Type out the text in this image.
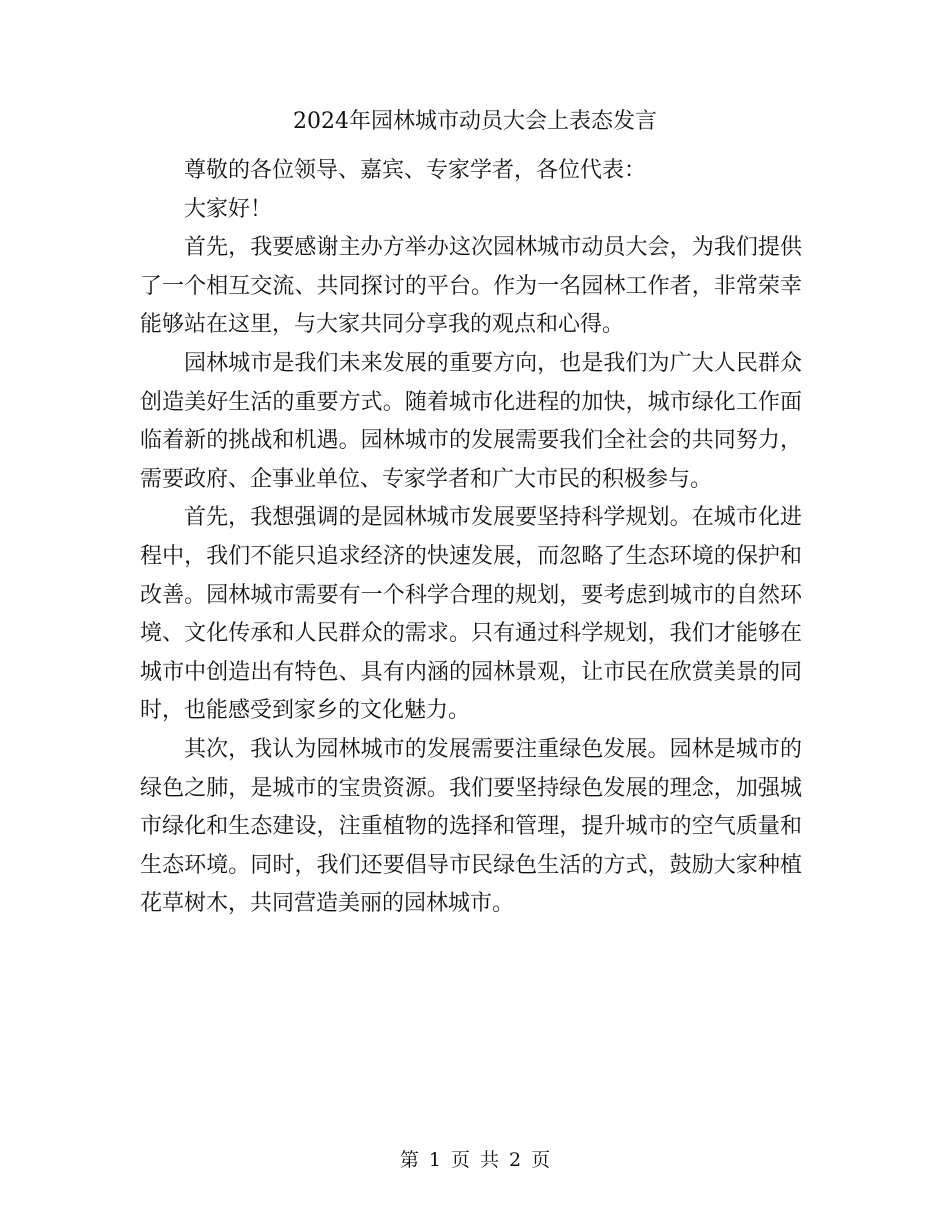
2024年园林城市动员大会上表态发言

尊敬的各位领导、嘉宾、专家学者，各位代表：

大家好！

首先，我要感谢主办方举办这次园林城市动员大会，为我们提供了一个相互交流、共同探讨的平台。作为一名园林工作者，非常荣幸能够站在这里，与大家共同分享我的观点和心得。

园林城市是我们未来发展的重要方向，也是我们为广大人民群众创造美好生活的重要方式。随着城市化进程的加快，城市绿化工作面临着新的挑战和机遇。园林城市的发展需要我们全社会的共同努力，需要政府、企事业单位、专家学者和广大市民的积极参与。

首先，我想强调的是园林城市发展要坚持科学规划。在城市化进程中，我们不能只追求经济的快速发展，而忽略了生态环境的保护和改善。园林城市需要有一个科学合理的规划，要考虑到城市的自然环境、文化传承和人民群众的需求。只有通过科学规划，我们才能够在城市中创造出有特色、具有内涵的园林景观，让市民在欣赏美景的同时，也能感受到家乡的文化魅力。

其次，我认为园林城市的发展需要注重绿色发展。园林是城市的绿色之肺，是城市的宝贵资源。我们要坚持绿色发展的理念，加强城市绿化和生态建设，注重植物的选择和管理，提升城市的空气质量和生态环境。同时，我们还要倡导市民绿色生活的方式，鼓励大家种植花草树木，共同营造美丽的园林城市。

第 1 页 共 2 页
